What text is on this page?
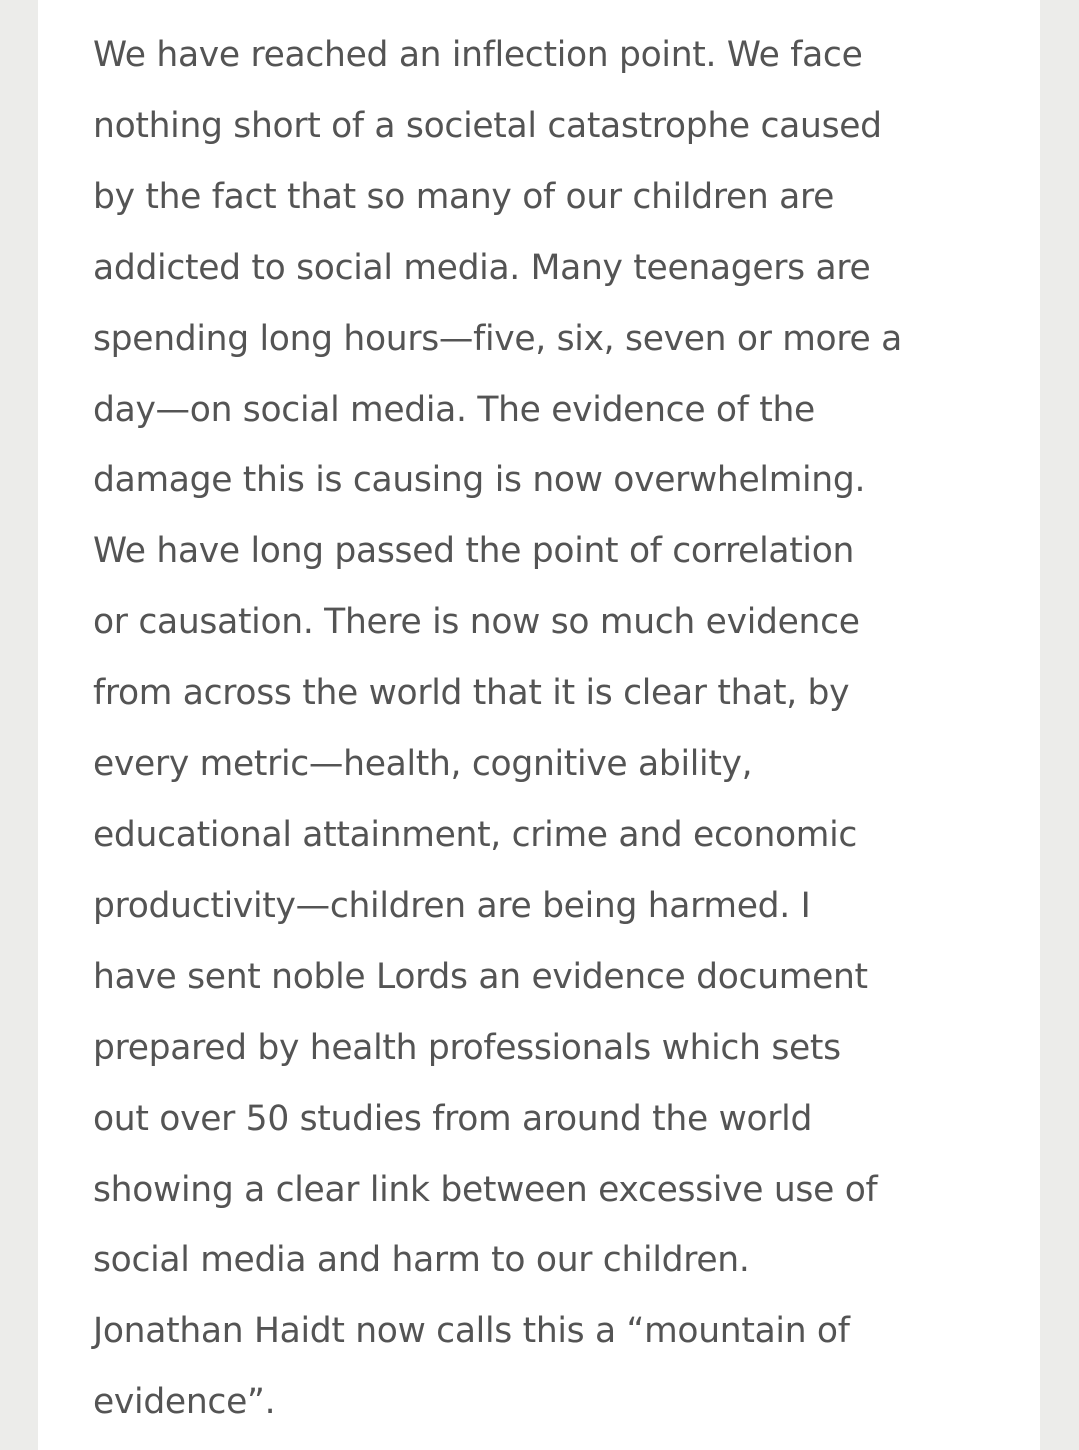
We have reached an inflection point. We face
nothing short of a societal catastrophe caused
by the fact that so many of our children are
addicted to social media. Many teenagers are
spending long hours—five, six, seven or more a
day—on social media. The evidence of the
damage this is causing is now overwhelming.
We have long passed the point of correlation
or causation. There is now so much evidence
from across the world that it is clear that, by
every metric—health, cognitive ability,
educational attainment, crime and economic
productivity—children are being harmed. I
have sent noble Lords an evidence document
prepared by health professionals which sets
out over 50 studies from around the world
showing a clear link between excessive use of
social media and harm to our children.
Jonathan Haidt now calls this a “mountain of
evidence”.
